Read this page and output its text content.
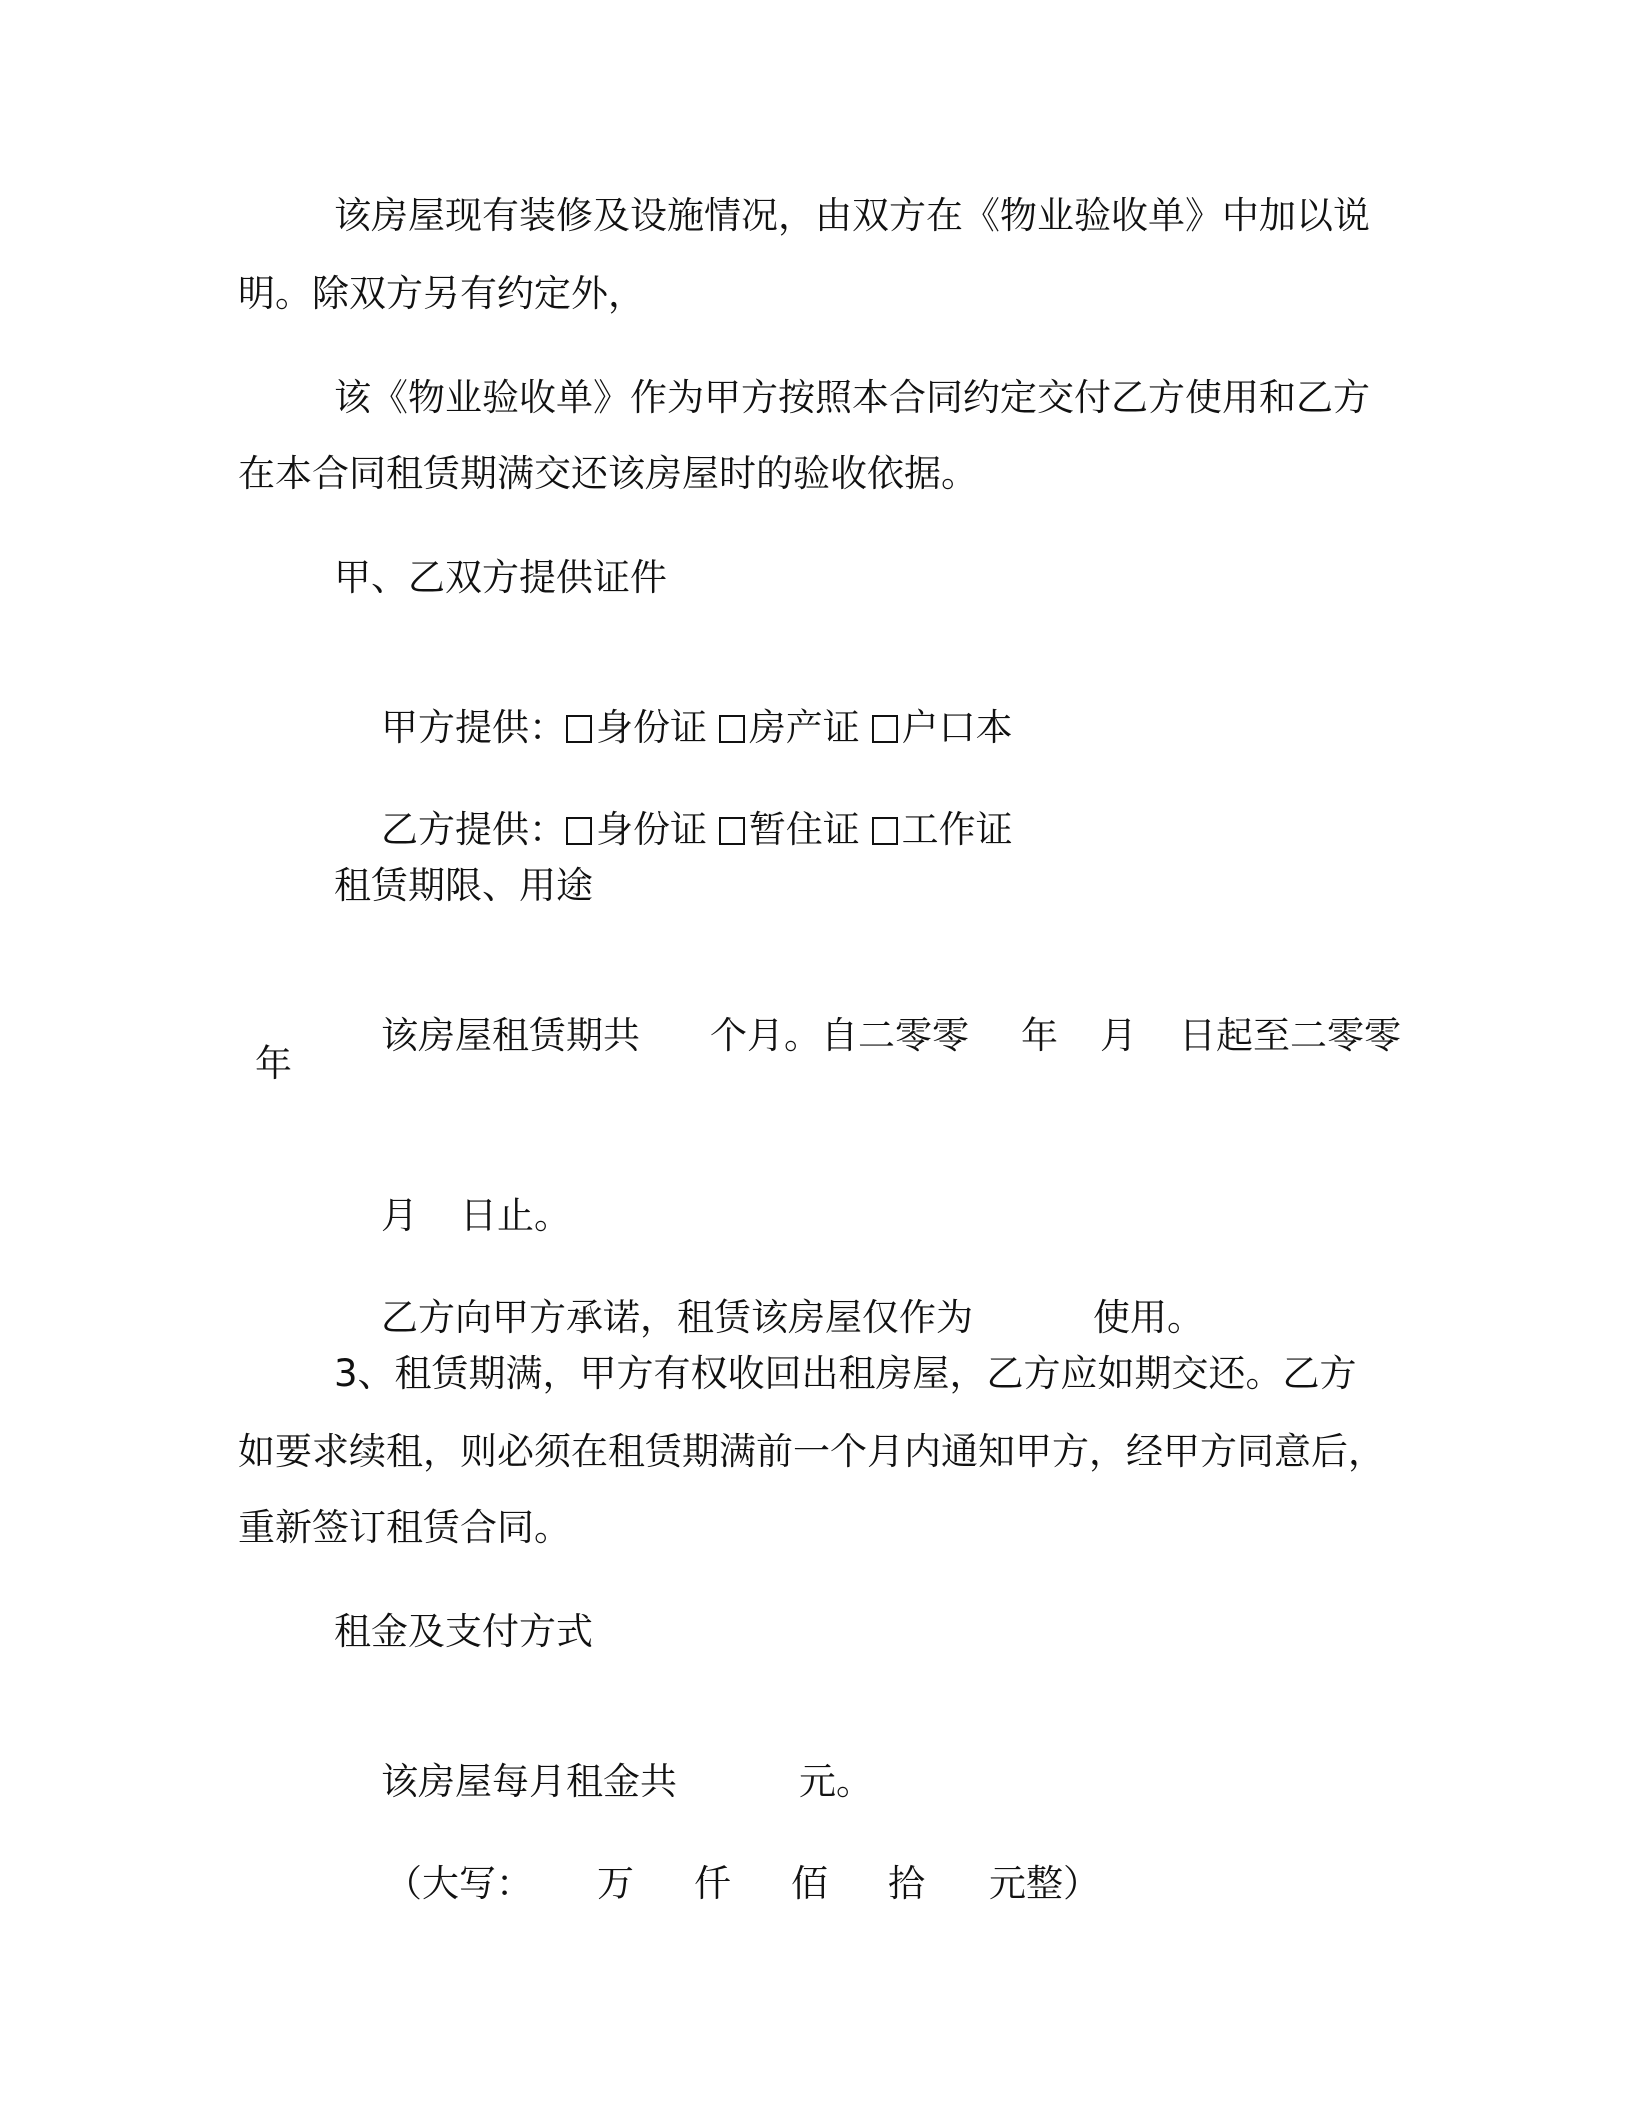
该房屋现有装修及设施情况，由双方在《物业验收单》中加以说
明。除双方另有约定外，
该《物业验收单》作为甲方按照本合同约定交付乙方使用和乙方
在本合同租赁期满交还该房屋时的验收依据。
甲、乙双方提供证件

甲方提供： 身份证 房产证 户口本

乙方提供： 身份证 暂住证 工作证

租赁期限、用途

该房屋租赁期共 个月。自二零零 年 月 日起至二零零

年

月 日止。

乙方向甲方承诺，租赁该房屋仅作为	使用。

3、租赁期满，甲方有权收回出租房屋，乙方应如期交还。乙方
如要求续租，则必须在租赁期满前一个月内通知甲方，经甲方同意后，
重新签订租赁合同。
租金及支付方式

该房屋每月租金共	元。

（大写： 万 仟 佰 拾 元整）
